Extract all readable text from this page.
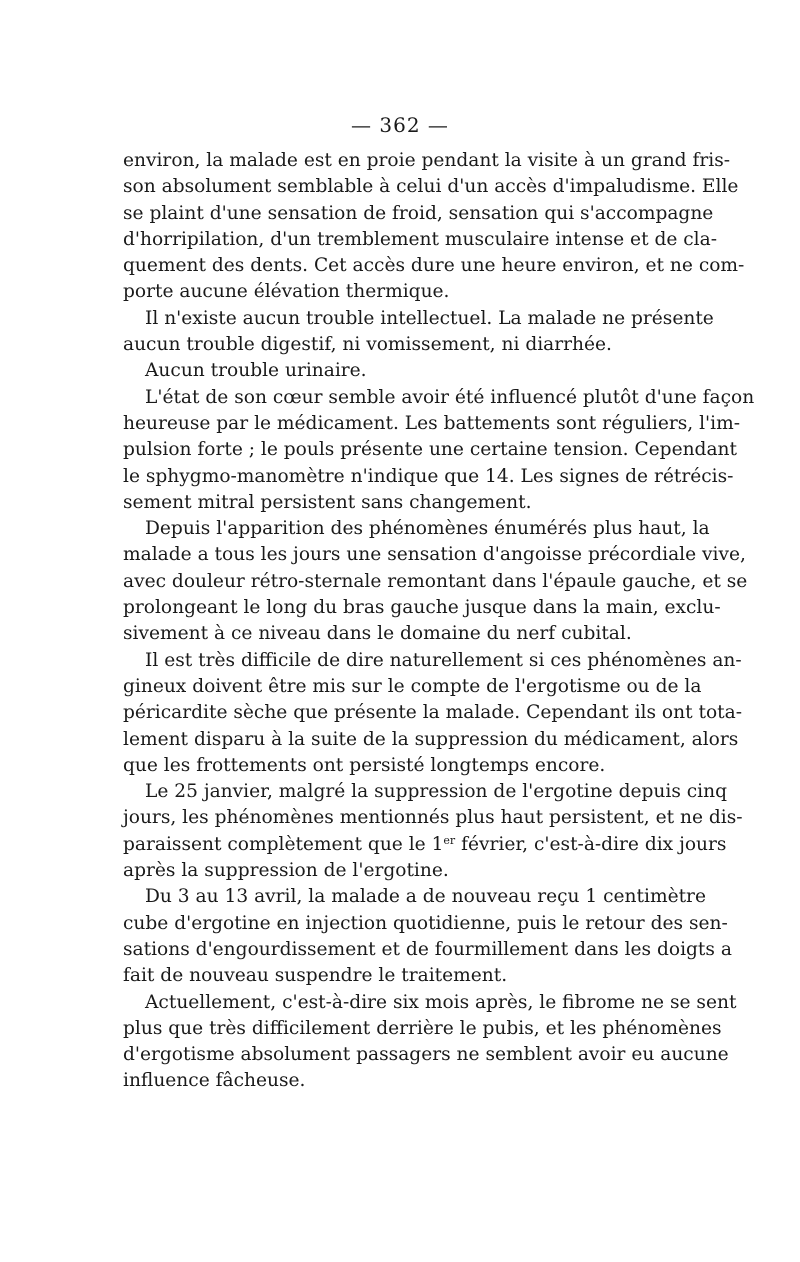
— 362 —
environ, la malade est en proie pendant la visite à un grand fris-
son absolument semblable à celui d'un accès d'impaludisme. Elle
se plaint d'une sensation de froid, sensation qui s'accompagne
d'horripilation, d'un tremblement musculaire intense et de cla-
quement des dents. Cet accès dure une heure environ, et ne com-
porte aucune élévation thermique.
Il n'existe aucun trouble intellectuel. La malade ne présente
aucun trouble digestif, ni vomissement, ni diarrhée.
Aucun trouble urinaire.
L'état de son cœur semble avoir été influencé plutôt d'une façon
heureuse par le médicament. Les battements sont réguliers, l'im-
pulsion forte ; le pouls présente une certaine tension. Cependant
le sphygmo-manomètre n'indique que 14. Les signes de rétrécis-
sement mitral persistent sans changement.
Depuis l'apparition des phénomènes énumérés plus haut, la
malade a tous les jours une sensation d'angoisse précordiale vive,
avec douleur rétro-sternale remontant dans l'épaule gauche, et se
prolongeant le long du bras gauche jusque dans la main, exclu-
sivement à ce niveau dans le domaine du nerf cubital.
Il est très difficile de dire naturellement si ces phénomènes an-
gineux doivent être mis sur le compte de l'ergotisme ou de la
péricardite sèche que présente la malade. Cependant ils ont tota-
lement disparu à la suite de la suppression du médicament, alors
que les frottements ont persisté longtemps encore.
Le 25 janvier, malgré la suppression de l'ergotine depuis cinq
jours, les phénomènes mentionnés plus haut persistent, et ne dis-
paraissent complètement que le 1er février, c'est-à-dire dix jours
après la suppression de l'ergotine.
Du 3 au 13 avril, la malade a de nouveau reçu 1 centimètre
cube d'ergotine en injection quotidienne, puis le retour des sen-
sations d'engourdissement et de fourmillement dans les doigts a
fait de nouveau suspendre le traitement.
Actuellement, c'est-à-dire six mois après, le fibrome ne se sent
plus que très difficilement derrière le pubis, et les phénomènes
d'ergotisme absolument passagers ne semblent avoir eu aucune
influence fâcheuse.
